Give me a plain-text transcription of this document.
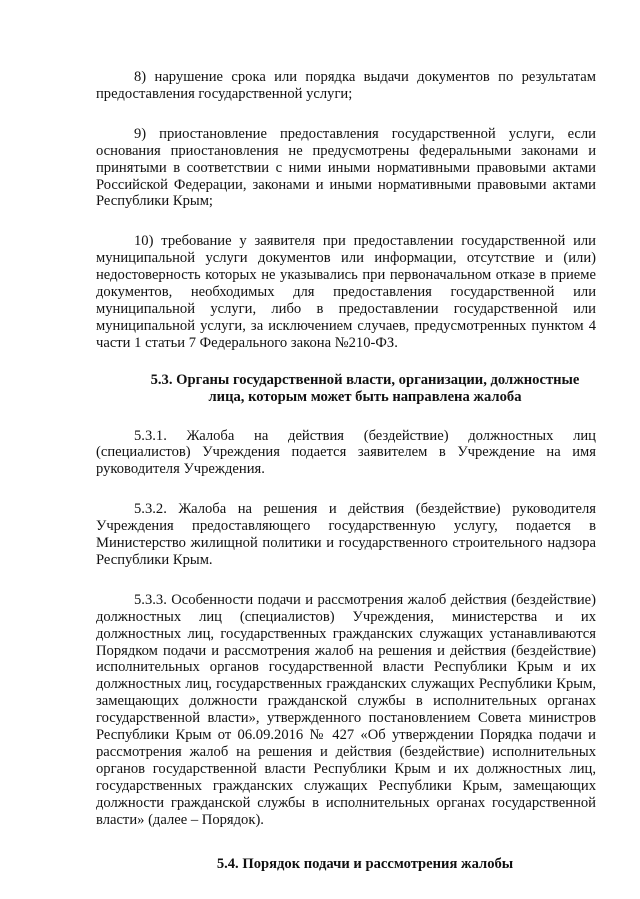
8) нарушение срока или порядка выдачи документов по результатам предоставления государственной услуги;

9) приостановление предоставления государственной услуги, если основания приостановления не предусмотрены федеральными законами и принятыми в соответствии с ними иными нормативными правовыми актами Российской Федерации, законами и иными нормативными правовыми актами Республики Крым;

10) требование у заявителя при предоставлении государственной или муниципальной услуги документов или информации, отсутствие и (или) недостоверность которых не указывались при первоначальном отказе в приеме документов, необходимых для предоставления государственной или муниципальной услуги, либо в предоставлении государственной или муниципальной услуги, за исключением случаев, предусмотренных пунктом 4 части 1 статьи 7 Федерального закона №210-ФЗ.

5.3. Органы государственной власти, организации, должностные
лица, которым может быть направлена жалоба

5.3.1. Жалоба на действия (бездействие) должностных лиц (специалистов) Учреждения подается заявителем в Учреждение на имя руководителя Учреждения.

5.3.2. Жалоба на решения и действия (бездействие) руководителя Учреждения предоставляющего государственную услугу, подается в Министерство жилищной политики и государственного строительного надзора Республики Крым.

5.3.3. Особенности подачи и рассмотрения жалоб действия (бездействие) должностных лиц (специалистов) Учреждения, министерства и их должностных лиц, государственных гражданских служащих устанавливаются Порядком подачи и рассмотрения жалоб на решения и действия (бездействие) исполнительных органов государственной власти Республики Крым и их должностных лиц, государственных гражданских служащих Республики Крым, замещающих должности гражданской службы в исполнительных органах государственной власти», утвержденного постановлением Совета министров Республики Крым от 06.09.2016 № 427 «Об утверждении Порядка подачи и рассмотрения жалоб на решения и действия (бездействие) исполнительных органов государственной власти Республики Крым и их должностных лиц, государственных гражданских служащих Республики Крым, замещающих должности гражданской службы в исполнительных органах государственной власти» (далее – Порядок).

5.4. Порядок подачи и рассмотрения жалобы
